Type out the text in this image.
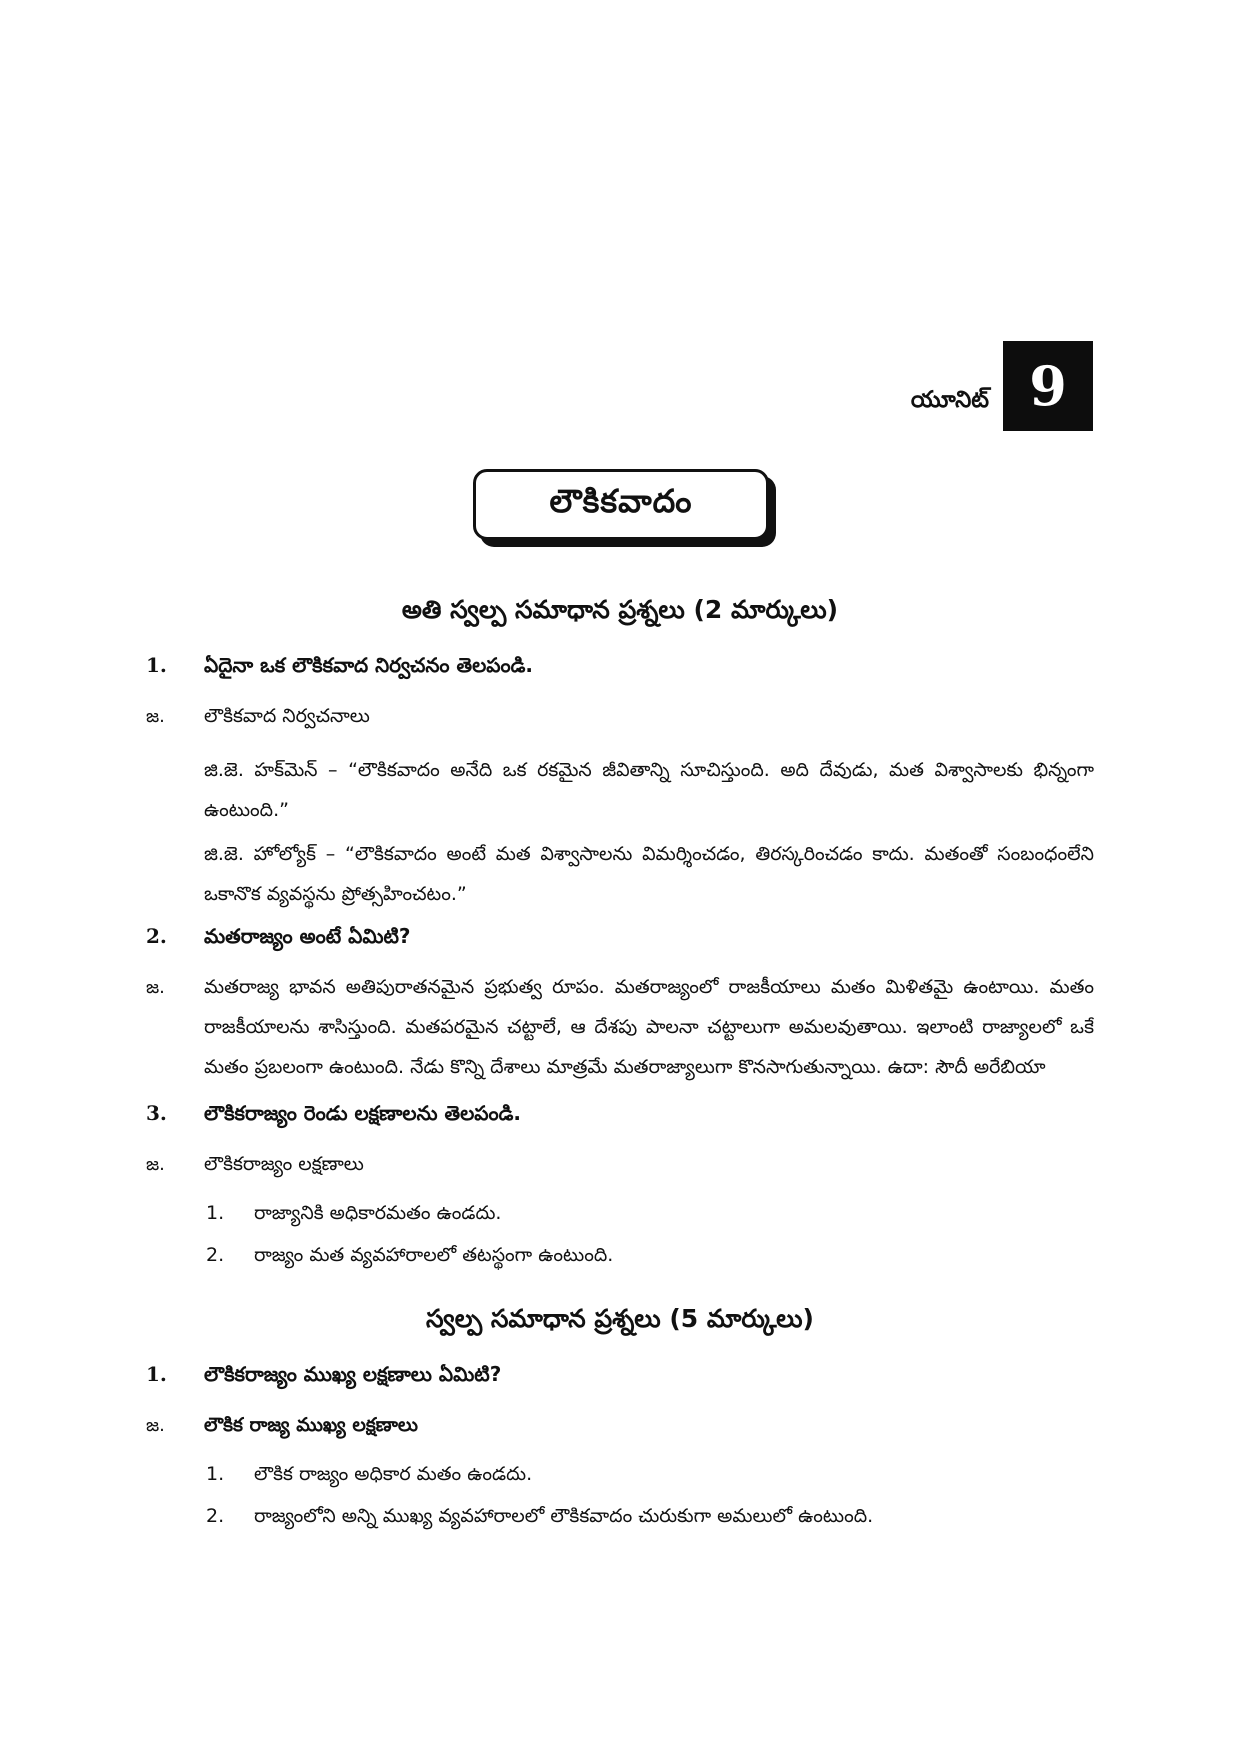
యూనిట్ 9
లౌకికవాదం
అతి స్వల్ప సమాధాన ప్రశ్నలు (2 మార్కులు)
1.	ఏదైనా ఒక లౌకికవాద నిర్వచనం తెలపండి.
జ.	లౌకికవాద నిర్వచనాలు

జి.జె. హక్‌మెన్ – “లౌకికవాదం అనేది ఒక రకమైన జీవితాన్ని సూచిస్తుంది. అది దేవుడు, మత విశ్వాసాలకు భిన్నంగా ఉంటుంది.”

జి.జె. హోల్యోక్ – “లౌకికవాదం అంటే మత విశ్వాసాలను విమర్శించడం, తిరస్కరించడం కాదు. మతంతో సంబంధంలేని ఒకానొక వ్యవస్థను ప్రోత్సహించటం.”

2.	మతరాజ్యం అంటే ఏమిటి?
జ.	మతరాజ్య భావన అతిపురాతనమైన ప్రభుత్వ రూపం. మతరాజ్యంలో రాజకీయాలు మతం మిళితమై ఉంటాయి. మతం రాజకీయాలను శాసిస్తుంది. మతపరమైన చట్టాలే, ఆ దేశపు పాలనా చట్టాలుగా అమలవుతాయి. ఇలాంటి రాజ్యాలలో ఒకే మతం ప్రబలంగా ఉంటుంది. నేడు కొన్ని దేశాలు మాత్రమే మతరాజ్యాలుగా కొనసాగుతున్నాయి. ఉదా: సౌదీ అరేబియా
3.	లౌకికరాజ్యం రెండు లక్షణాలను తెలపండి.
జ.	లౌకికరాజ్యం లక్షణాలు
1.	రాజ్యానికి అధికారమతం ఉండదు.
2.	రాజ్యం మత వ్యవహారాలలో తటస్థంగా ఉంటుంది.
స్వల్ప సమాధాన ప్రశ్నలు (5 మార్కులు)
1.	లౌకికరాజ్యం ముఖ్య లక్షణాలు ఏమిటి?
జ.	లౌకిక రాజ్య ముఖ్య లక్షణాలు
1.	లౌకిక రాజ్యం అధికార మతం ఉండదు.
2.	రాజ్యంలోని అన్ని ముఖ్య వ్యవహారాలలో లౌకికవాదం చురుకుగా అమలులో ఉంటుంది.
